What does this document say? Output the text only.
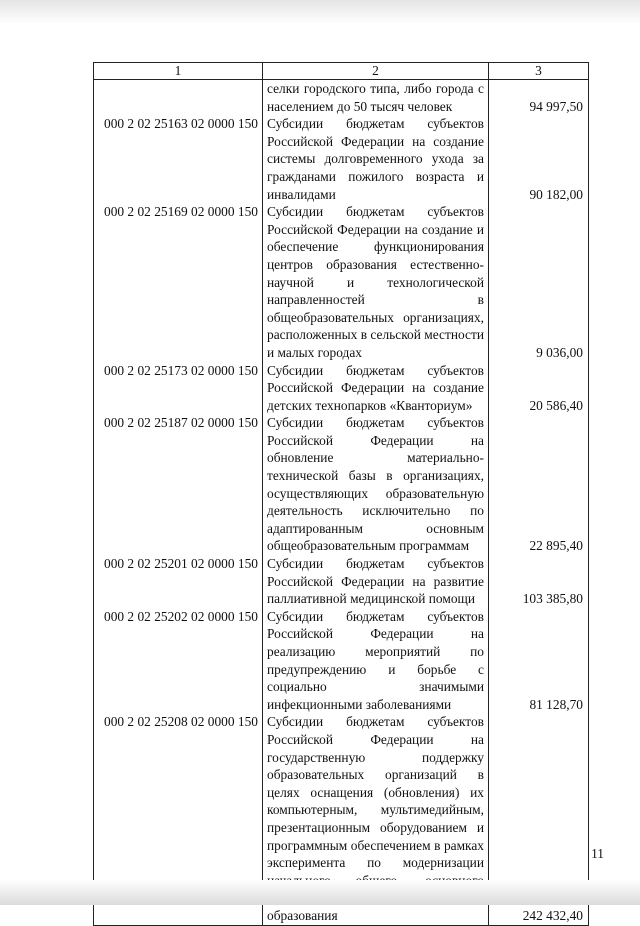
1	2	3
	селки городского типа, либо города с населением до 50 тысяч человек	94 997,50
000 2 02 25163 02 0000 150	Субсидии бюджетам субъектов Российской Федерации на создание системы долговременного ухода за гражданами пожилого возраста и инвалидами	90 182,00
000 2 02 25169 02 0000 150	Субсидии бюджетам субъектов Российской Федерации на создание и обеспечение функционирования центров образования естественно-научной и технологической направленностей в общеобразовательных организациях, расположенных в сельской местности и малых городах	9 036,00
000 2 02 25173 02 0000 150	Субсидии бюджетам субъектов Российской Федерации на создание детских технопарков «Кванториум»	20 586,40
000 2 02 25187 02 0000 150	Субсидии бюджетам субъектов Российской Федерации на обновление материально-технической базы в организациях, осуществляющих образовательную деятельность исключительно по адаптированным основным общеобразовательным программам	22 895,40
000 2 02 25201 02 0000 150	Субсидии бюджетам субъектов Российской Федерации на развитие паллиативной медицинской помощи	103 385,80
000 2 02 25202 02 0000 150	Субсидии бюджетам субъектов Российской Федерации на реализацию мероприятий по предупреждению и борьбе с социально значимыми инфекционными заболеваниями	81 128,70
000 2 02 25208 02 0000 150	Субсидии бюджетам субъектов Российской Федерации на государственную поддержку образовательных организаций в целях оснащения (обновления) их компьютерным, мультимедийным, презентационным оборудованием и программным обеспечением в рамках эксперимента по модернизации образования	242 432,40
11
